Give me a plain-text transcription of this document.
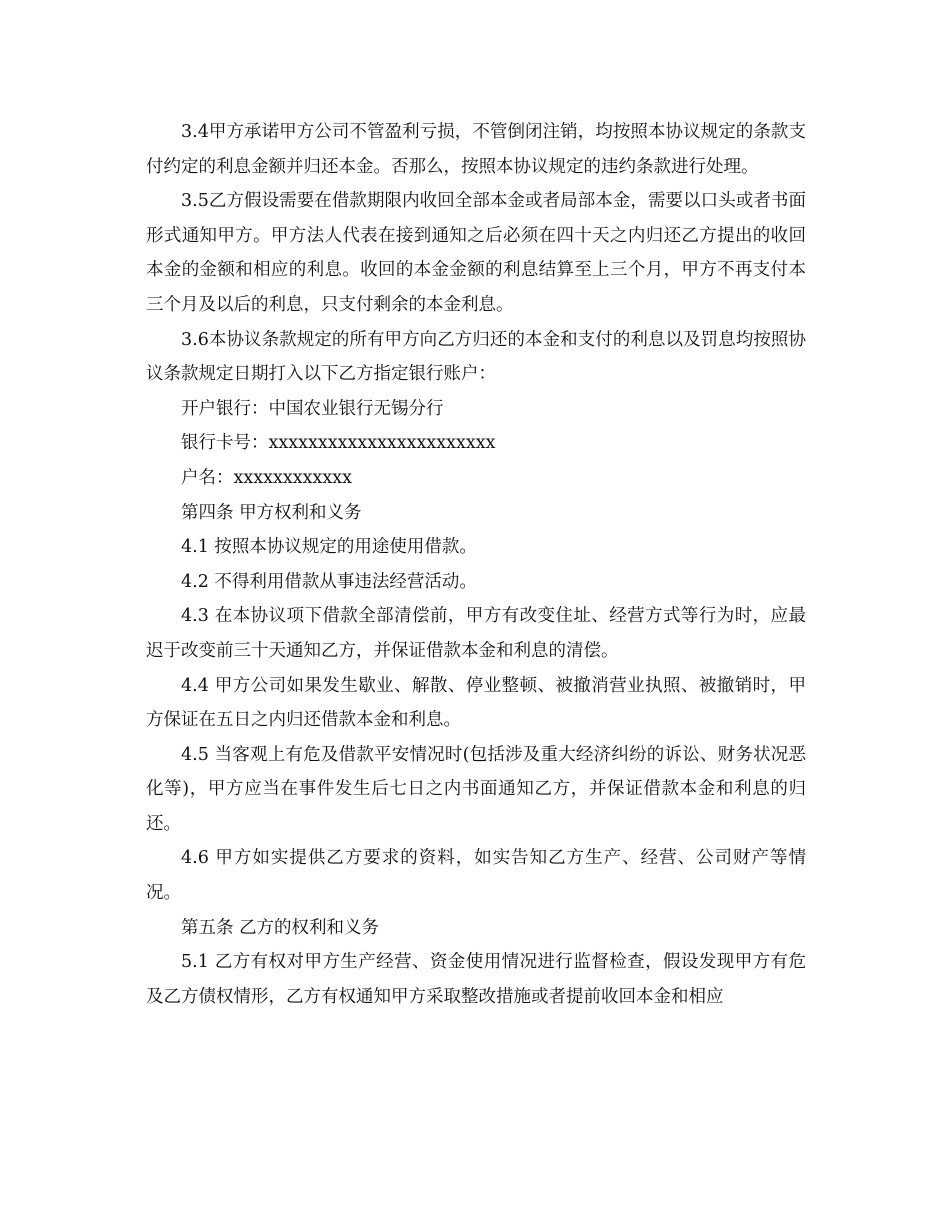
3.4甲方承诺甲方公司不管盈利亏损，不管倒闭注销，均按照本协议规定的条款支付约定的利息金额并归还本金。否那么，按照本协议规定的违约条款进行处理。

3.5乙方假设需要在借款期限内收回全部本金或者局部本金，需要以口头或者书面形式通知甲方。甲方法人代表在接到通知之后必须在四十天之内归还乙方提出的收回本金的金额和相应的利息。收回的本金金额的利息结算至上三个月，甲方不再支付本三个月及以后的利息，只支付剩余的本金利息。

3.6本协议条款规定的所有甲方向乙方归还的本金和支付的利息以及罚息均按照协议条款规定日期打入以下乙方指定银行账户：

开户银行：中国农业银行无锡分行

银行卡号：xxxxxxxxxxxxxxxxxxxxxxx

户名：xxxxxxxxxxxx

第四条 甲方权利和义务

4.1 按照本协议规定的用途使用借款。

4.2 不得利用借款从事违法经营活动。

4.3 在本协议项下借款全部清偿前，甲方有改变住址、经营方式等行为时，应最迟于改变前三十天通知乙方，并保证借款本金和利息的清偿。

4.4 甲方公司如果发生歇业、解散、停业整顿、被撤消营业执照、被撤销时，甲方保证在五日之内归还借款本金和利息。

4.5 当客观上有危及借款平安情况时(包括涉及重大经济纠纷的诉讼、财务状况恶化等)，甲方应当在事件发生后七日之内书面通知乙方，并保证借款本金和利息的归还。

4.6 甲方如实提供乙方要求的资料，如实告知乙方生产、经营、公司财产等情况。

第五条 乙方的权利和义务

5.1 乙方有权对甲方生产经营、资金使用情况进行监督检查，假设发现甲方有危及乙方债权情形，乙方有权通知甲方采取整改措施或者提前收回本金和相应
